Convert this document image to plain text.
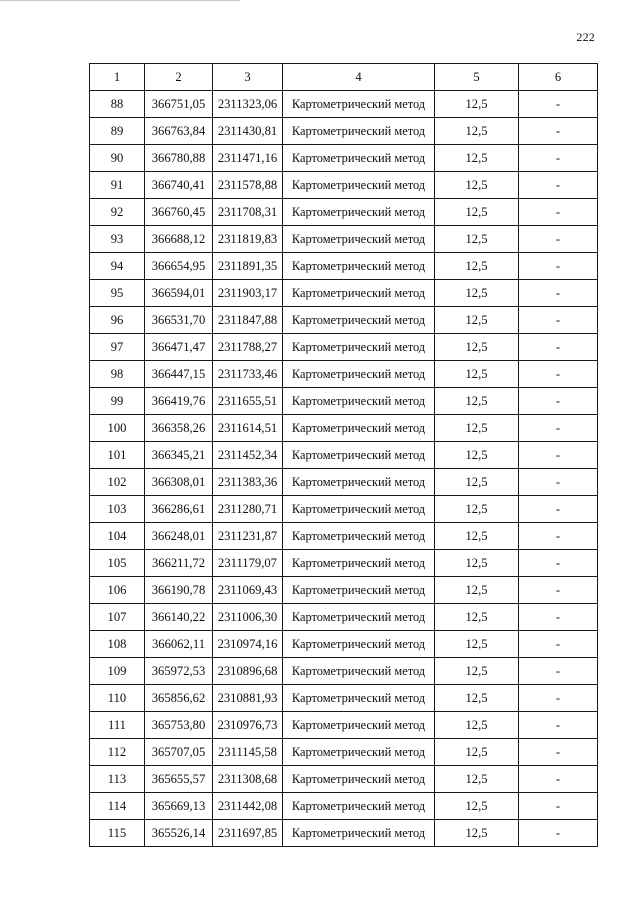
222
1	2	3	4	5	6
88	366751,05	2311323,06	Картометрический метод	12,5	-
89	366763,84	2311430,81	Картометрический метод	12,5	-
90	366780,88	2311471,16	Картометрический метод	12,5	-
91	366740,41	2311578,88	Картометрический метод	12,5	-
92	366760,45	2311708,31	Картометрический метод	12,5	-
93	366688,12	2311819,83	Картометрический метод	12,5	-
94	366654,95	2311891,35	Картометрический метод	12,5	-
95	366594,01	2311903,17	Картометрический метод	12,5	-
96	366531,70	2311847,88	Картометрический метод	12,5	-
97	366471,47	2311788,27	Картометрический метод	12,5	-
98	366447,15	2311733,46	Картометрический метод	12,5	-
99	366419,76	2311655,51	Картометрический метод	12,5	-
100	366358,26	2311614,51	Картометрический метод	12,5	-
101	366345,21	2311452,34	Картометрический метод	12,5	-
102	366308,01	2311383,36	Картометрический метод	12,5	-
103	366286,61	2311280,71	Картометрический метод	12,5	-
104	366248,01	2311231,87	Картометрический метод	12,5	-
105	366211,72	2311179,07	Картометрический метод	12,5	-
106	366190,78	2311069,43	Картометрический метод	12,5	-
107	366140,22	2311006,30	Картометрический метод	12,5	-
108	366062,11	2310974,16	Картометрический метод	12,5	-
109	365972,53	2310896,68	Картометрический метод	12,5	-
110	365856,62	2310881,93	Картометрический метод	12,5	-
111	365753,80	2310976,73	Картометрический метод	12,5	-
112	365707,05	2311145,58	Картометрический метод	12,5	-
113	365655,57	2311308,68	Картометрический метод	12,5	-
114	365669,13	2311442,08	Картометрический метод	12,5	-
115	365526,14	2311697,85	Картометрический метод	12,5	-
